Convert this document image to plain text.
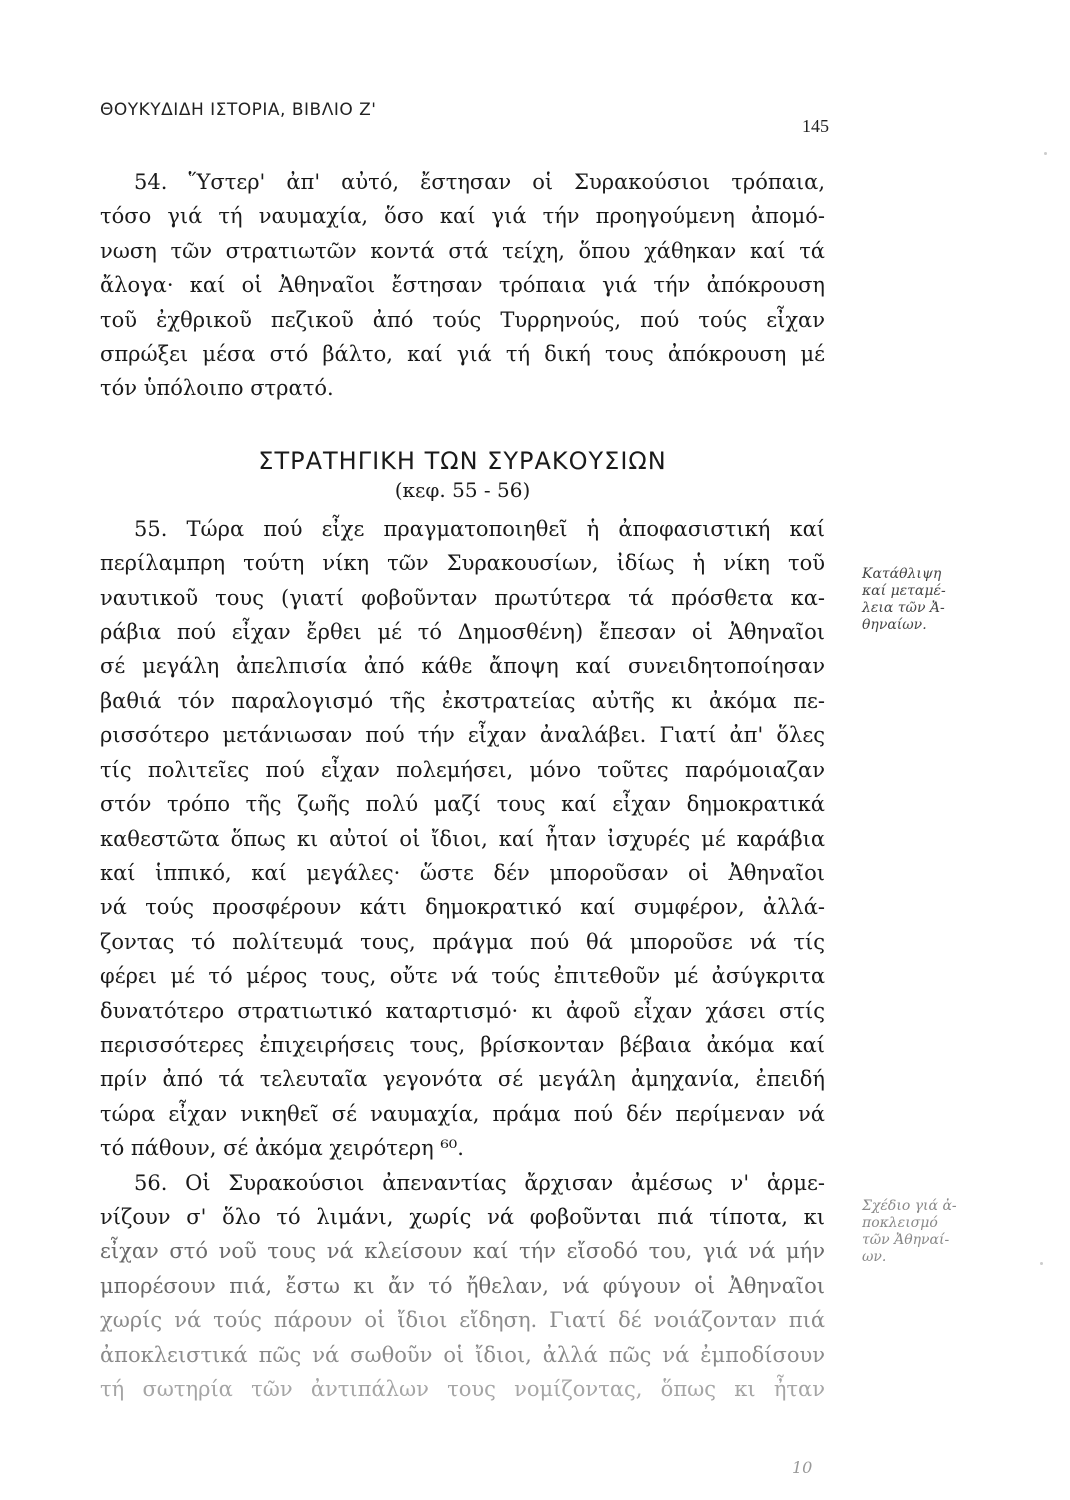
ΘΟΥΚΥΔΙΔΗ ΙΣΤΟΡΙΑ, ΒΙΒΛΙΟ Ζ'
145

54. Ὕστερ' ἀπ' αὐτό, ἔστησαν οἱ Συρακούσιοι τρόπαια,
τόσο γιά τή ναυμαχία, ὅσο καί γιά τήν προηγούμενη ἀπομό-
νωση τῶν στρατιωτῶν κοντά στά τείχη, ὅπου χάθηκαν καί τά
ἄλογα· καί οἱ Ἀθηναῖοι ἔστησαν τρόπαια γιά τήν ἀπόκρουση
τοῦ ἐχθρικοῦ πεζικοῦ ἀπό τούς Τυρρηνούς, πού τούς εἶχαν
σπρώξει μέσα στό βάλτο, καί γιά τή δική τους ἀπόκρουση μέ
τόν ὑπόλοιπο στρατό.

ΣΤΡΑΤΗΓΙΚΗ ΤΩΝ ΣΥΡΑΚΟΥΣΙΩΝ
(κεφ. 55 - 56)

55. Τώρα πού εἶχε πραγματοποιηθεῖ ἡ ἀποφασιστική καί
περίλαμπρη τούτη νίκη τῶν Συρακουσίων, ἰδίως ἡ νίκη τοῦ
ναυτικοῦ τους (γιατί φοβοῦνταν πρωτύτερα τά πρόσθετα κα-
ράβια πού εἶχαν ἔρθει μέ τό Δημοσθένη) ἔπεσαν οἱ Ἀθηναῖοι
σέ μεγάλη ἀπελπισία ἀπό κάθε ἄποψη καί συνειδητοποίησαν
βαθιά τόν παραλογισμό τῆς ἐκστρατείας αὐτῆς κι ἀκόμα πε-
ρισσότερο μετάνιωσαν πού τήν εἶχαν ἀναλάβει. Γιατί ἀπ' ὅλες
τίς πολιτεῖες πού εἶχαν πολεμήσει, μόνο τοῦτες παρόμοιαζαν
στόν τρόπο τῆς ζωῆς πολύ μαζί τους καί εἶχαν δημοκρατικά
καθεστῶτα ὅπως κι αὐτοί οἱ ἴδιοι, καί ἦταν ἰσχυρές μέ καράβια
καί ἱππικό, καί μεγάλες· ὥστε δέν μποροῦσαν οἱ Ἀθηναῖοι
νά τούς προσφέρουν κάτι δημοκρατικό καί συμφέρον, ἀλλά-
ζοντας τό πολίτευμά τους, πράγμα πού θά μποροῦσε νά τίς
φέρει μέ τό μέρος τους, οὔτε νά τούς ἐπιτεθοῦν μέ ἀσύγκριτα
δυνατότερο στρατιωτικό καταρτισμό· κι ἀφοῦ εἶχαν χάσει στίς
περισσότερες ἐπιχειρήσεις τους, βρίσκονταν βέβαια ἀκόμα καί
πρίν ἀπό τά τελευταῖα γεγονότα σέ μεγάλη ἀμηχανία, ἐπειδή
τώρα εἶχαν νικηθεῖ σέ ναυμαχία, πράμα πού δέν περίμεναν νά
τό πάθουν, σέ ἀκόμα χειρότερη ⁶⁰.

56. Οἱ Συρακούσιοι ἀπεναντίας ἄρχισαν ἀμέσως ν' ἁρμε-
νίζουν σ' ὅλο τό λιμάνι, χωρίς νά φοβοῦνται πιά τίποτα, κι
εἶχαν στό νοῦ τους νά κλείσουν καί τήν εἴσοδό του, γιά νά μήν
μπορέσουν πιά, ἔστω κι ἄν τό ἤθελαν, νά φύγουν οἱ Ἀθηναῖοι
χωρίς νά τούς πάρουν οἱ ἴδιοι εἴδηση. Γιατί δέ νοιάζονταν πιά
ἀποκλειστικά πῶς νά σωθοῦν οἱ ἴδιοι, ἀλλά πῶς νά ἐμποδίσουν
τή σωτηρία τῶν ἀντιπάλων τους νομίζοντας, ὅπως κι ἦταν

Κατάθλιψη
καί μεταμέ-
λεια τῶν Ἀ-
θηναίων.
Σχέδιο γιά ἀ-
ποκλεισμό
τῶν Ἀθηναί-
ων.
10
